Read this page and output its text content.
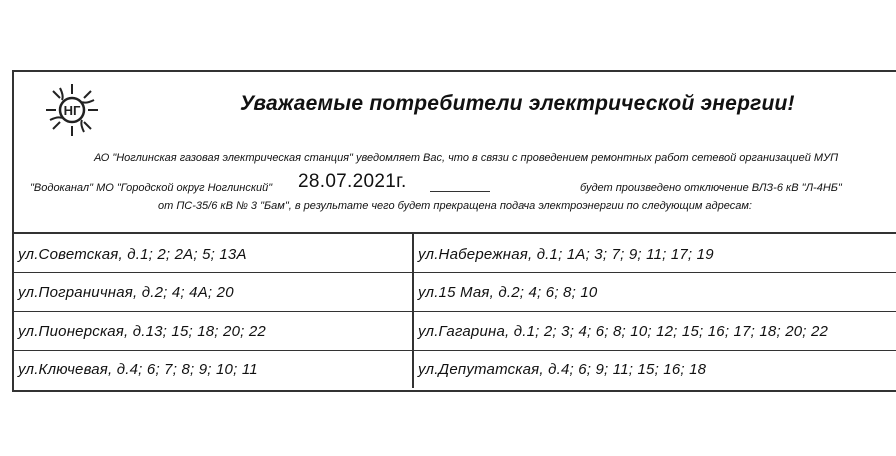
НГ	Уважаемые потребители электрической энергии!
АО "Ноглинская газовая электрическая станция" уведомляет Вас, что в связи с проведением ремонтных работ сетевой организацией МУП
"Водоканал" МО "Городской округ Ноглинский" 28.07.2021г.	будет произведено отключение ВЛЗ-6 кВ "Л-4НБ"
от ПС-35/6 кВ № 3 "Бам", в результате чего будет прекращена подача электроэнергии по следующим адресам:
ул.Советская, д.1; 2; 2А; 5; 13А
ул.Пограничная, д.2; 4; 4А; 20
ул.Пионерская, д.13; 15; 18; 20; 22
ул.Ключевая, д.4; 6; 7; 8; 9; 10; 11
ул.Набережная, д.1; 1А; 3; 7; 9; 11; 17; 19
ул.15 Мая, д.2; 4; 6; 8; 10
ул.Гагарина, д.1; 2; 3; 4; 6; 8; 10; 12; 15; 16; 17; 18; 20; 22
ул.Депутатская, д.4; 6; 9; 11; 15; 16; 18
